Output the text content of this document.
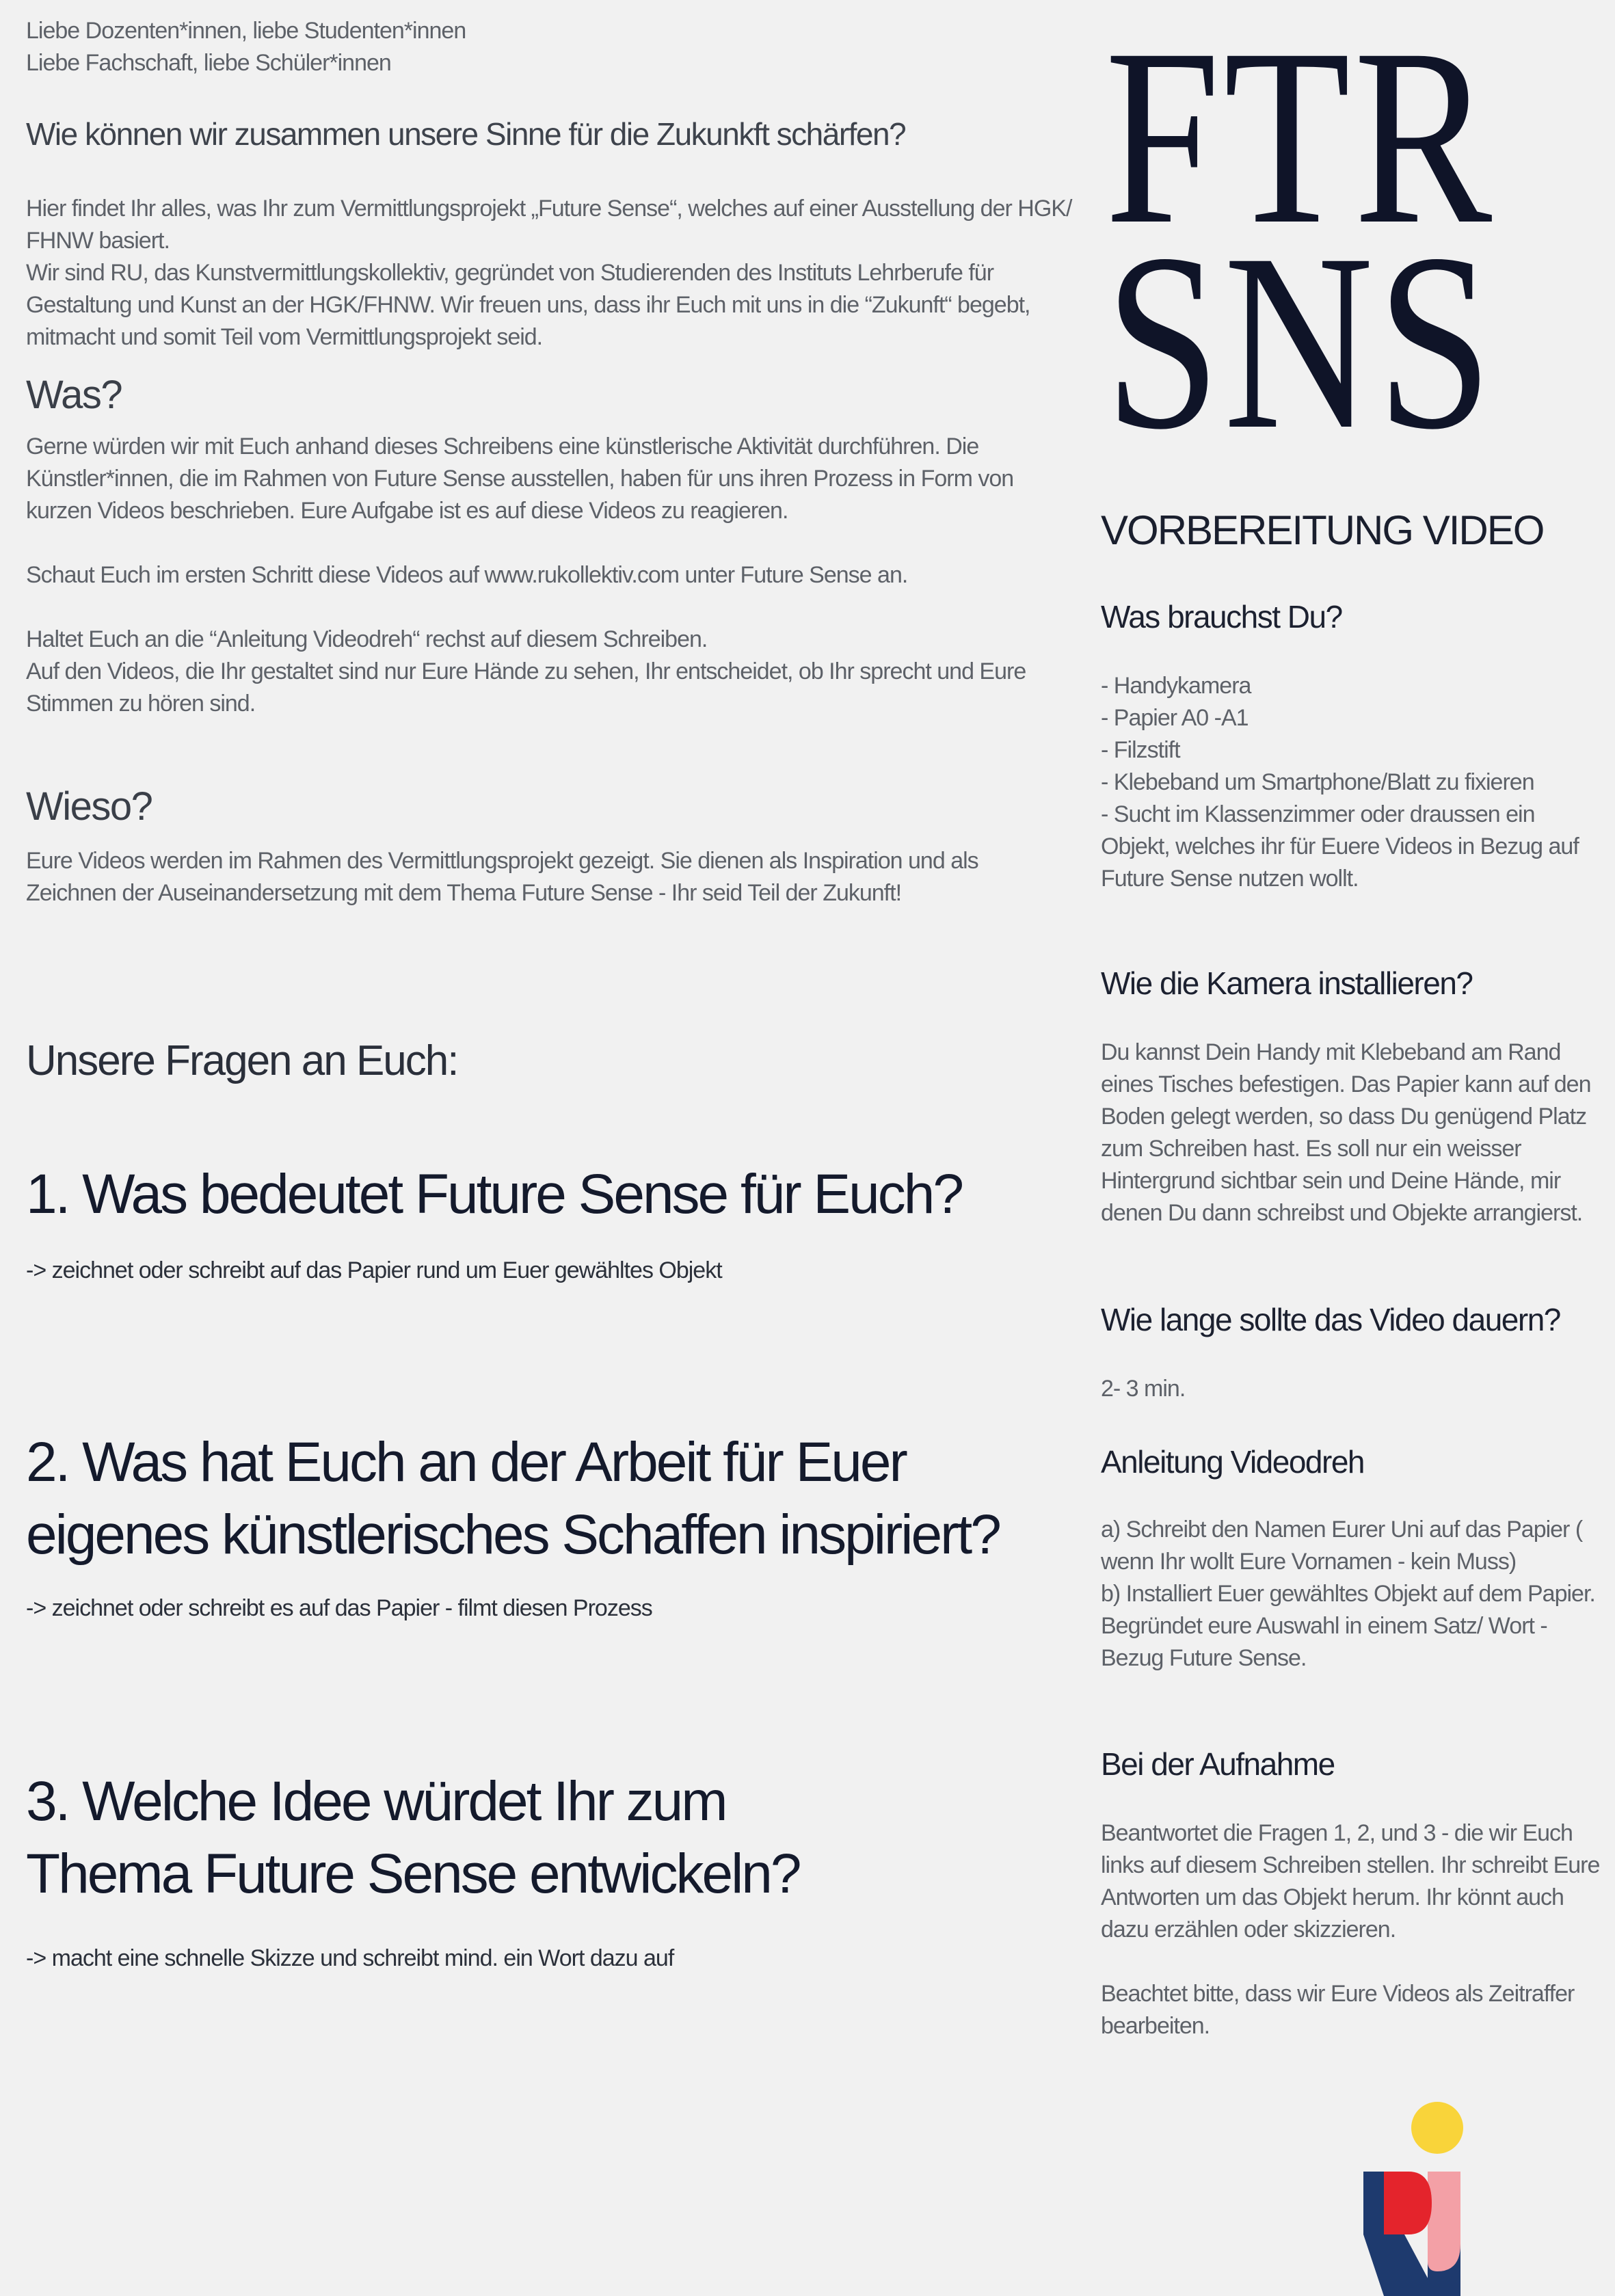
Liebe Dozenten*innen, liebe Studenten*innen
Liebe Fachschaft, liebe Schüler*innen
Wie können wir zusammen unsere Sinne für die Zukunkft schärfen?

Hier findet Ihr alles, was Ihr zum Vermittlungsprojekt „Future Sense“, welches auf einer Ausstellung der HGK/ FHNW basiert.

Wir sind RU, das Kunstvermittlungskollektiv, gegründet von Studierenden des Instituts Lehrberufe für Gestaltung und Kunst an der HGK/FHNW. Wir freuen uns, dass ihr Euch mit uns in die “Zukunft“ begebt, mitmacht und somit Teil vom Vermittlungsprojekt seid.

Was?

Gerne würden wir mit Euch anhand dieses Schreibens eine künstlerische Aktivität durchführen. Die Künstler*innen, die im Rahmen von Future Sense ausstellen, haben für uns ihren Prozess in Form von kurzen Videos beschrieben. Eure Aufgabe ist es auf diese Videos zu reagieren.

Schaut Euch im ersten Schritt diese Videos auf www.rukollektiv.com unter Future Sense an.

Haltet Euch an die “Anleitung Videodreh“ rechst auf diesem Schreiben.

Auf den Videos, die Ihr gestaltet sind nur Eure Hände zu sehen, Ihr entscheidet, ob Ihr sprecht und Eure Stimmen zu hören sind.

Wieso?
Eure Videos werden im Rahmen des Vermittlungsprojekt gezeigt. Sie dienen als Inspiration und als Zeichnen der Auseinandersetzung mit dem Thema Future Sense - Ihr seid Teil der Zukunft!
Unsere Fragen an Euch:
1. Was bedeutet Future Sense für Euch?
-> zeichnet oder schreibt auf das Papier rund um Euer gewähltes Objekt
2. Was hat Euch an der Arbeit für Euer
eigenes künstlerisches Schaffen inspiriert?
-> zeichnet oder schreibt es auf das Papier - filmt diesen Prozess
3. Welche Idee würdet Ihr zum
Thema Future Sense entwickeln?
-> macht eine schnelle Skizze und schreibt mind. ein Wort dazu auf
FTR
SNS
VORBEREITUNG VIDEO
Was brauchst Du?
- Handykamera
- Papier A0 -A1
- Filzstift
- Klebeband um Smartphone/Blatt zu fixieren
- Sucht im Klassenzimmer oder draussen ein Objekt, welches ihr für Euere Videos in Bezug auf Future Sense nutzen wollt.
Wie die Kamera installieren?
Du kannst Dein Handy mit Klebeband am Rand eines Tisches befestigen. Das Papier kann auf den Boden gelegt werden, so dass Du genügend Platz zum Schreiben hast. Es soll nur ein weisser Hintergrund sichtbar sein und Deine Hände, mir denen Du dann schreibst und Objekte arrangierst.
Wie lange sollte das Video dauern?
2- 3 min.
Anleitung Videodreh

a) Schreibt den Namen Eurer Uni auf das Papier ( wenn Ihr wollt Eure Vornamen - kein Muss)

b) Installiert Euer gewähltes Objekt auf dem Papier. Begründet eure Auswahl in einem Satz/ Wort - Bezug Future Sense.

Bei der Aufnahme

Beantwortet die Fragen 1, 2, und 3 - die wir Euch links auf diesem Schreiben stellen. Ihr schreibt Eure Antworten um das Objekt herum. Ihr könnt auch dazu erzählen oder skizzieren.

Beachtet bitte, dass wir Eure Videos als Zeitraffer bearbeiten.
